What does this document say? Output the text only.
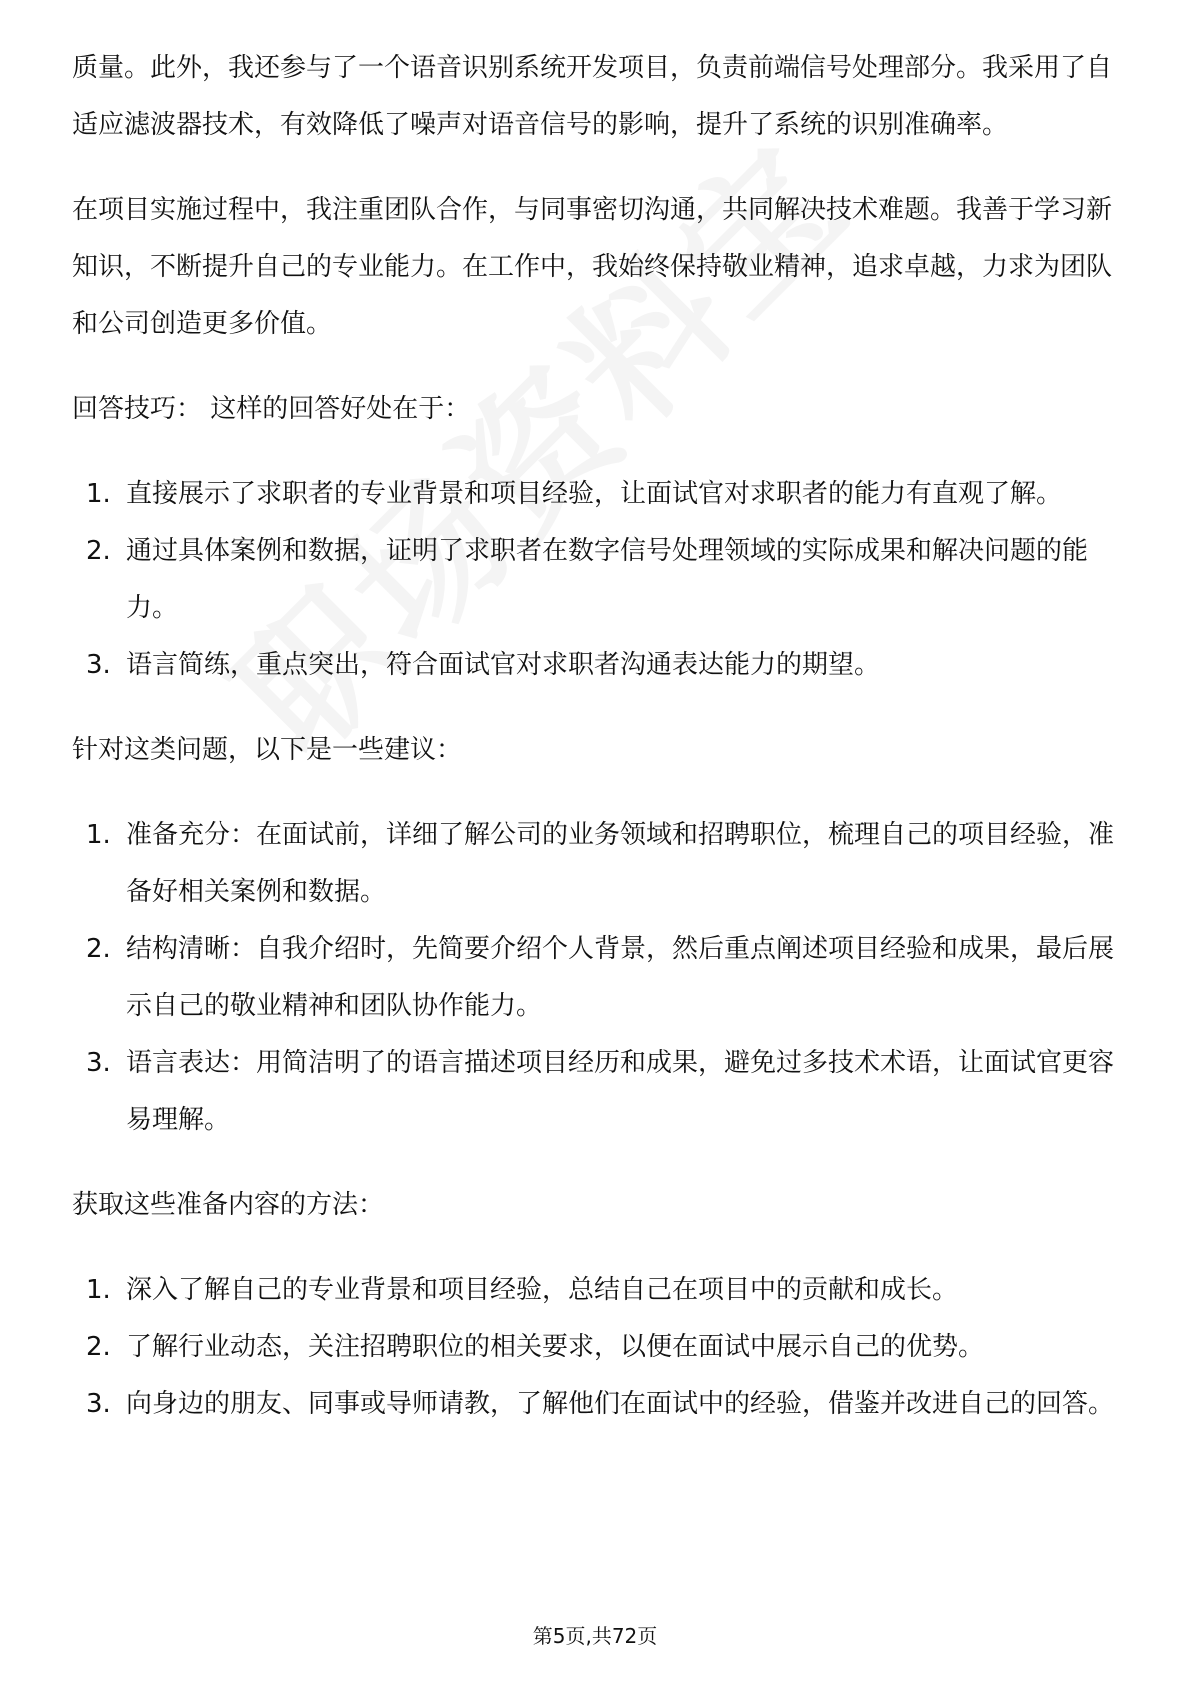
质量。此外，我还参与了一个语音识别系统开发项目，负责前端信号处理部分。我采用了自适应滤波器技术，有效降低了噪声对语音信号的影响，提升了系统的识别准确率。

在项目实施过程中，我注重团队合作，与同事密切沟通，共同解决技术难题。我善于学习新知识，不断提升自己的专业能力。在工作中，我始终保持敬业精神，追求卓越，力求为团队和公司创造更多价值。

回答技巧： 这样的回答好处在于：

1. 直接展示了求职者的专业背景和项目经验，让面试官对求职者的能力有直观了解。
2. 通过具体案例和数据，证明了求职者在数字信号处理领域的实际成果和解决问题的能力。
3. 语言简练，重点突出，符合面试官对求职者沟通表达能力的期望。

针对这类问题，以下是一些建议：

1. 准备充分：在面试前，详细了解公司的业务领域和招聘职位，梳理自己的项目经验，准备好相关案例和数据。
2. 结构清晰：自我介绍时，先简要介绍个人背景，然后重点阐述项目经验和成果，最后展示自己的敬业精神和团队协作能力。
3. 语言表达：用简洁明了的语言描述项目经历和成果，避免过多技术术语，让面试官更容易理解。

获取这些准备内容的方法：

1. 深入了解自己的专业背景和项目经验，总结自己在项目中的贡献和成长。
2. 了解行业动态，关注招聘职位的相关要求，以便在面试中展示自己的优势。
3. 向身边的朋友、同事或导师请教，了解他们在面试中的经验，借鉴并改进自己的回答。
第5页,共72页
